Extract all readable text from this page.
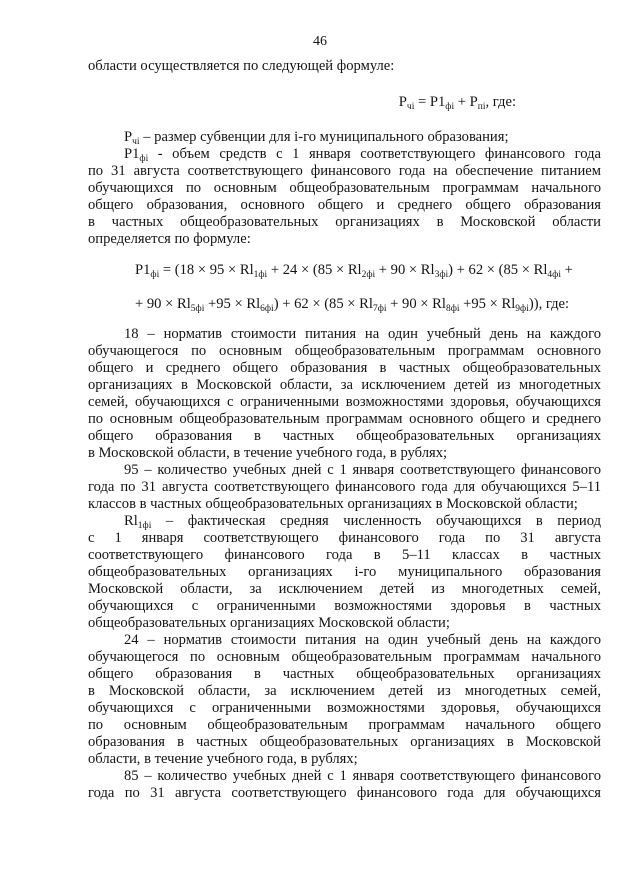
46
области осуществляется по следующей формуле:
$P_{чi} = P1_{фi} + P_{пi}$, где:
$P_{чi}$ – размер субвенции для i-го муниципального образования;
$P1_{фi}$ - объем средств с 1 января соответствующего финансового года
по 31 августа соответствующего финансового года на обеспечение питанием
обучающихся по основным общеобразовательным программам начального
общего образования, основного общего и среднего общего образования
в частных общеобразовательных организациях в Московской области
определяется по формуле:
$P1_{фi} = (18 \times 95 \times Rl_{1фi} + 24 \times (85 \times Rl_{2фi} + 90 \times Rl_{3фi}) + 62 \times (85 \times Rl_{4фi}$ +
+ $90 \times Rl_{5фi} +95 \times Rl_{6фi}) + 62 \times (85 \times Rl_{7фi} + 90 \times Rl_{8фi} +95 \times Rl_{9фi})$), где:
18 – норматив стоимости питания на один учебный день на каждого
обучающегося по основным общеобразовательным программам основного
общего и среднего общего образования в частных общеобразовательных
организациях в Московской области, за исключением детей из многодетных
семей, обучающихся с ограниченными возможностями здоровья, обучающихся
по основным общеобразовательным программам основного общего и среднего
общего образования в частных общеобразовательных организациях
в Московской области, в течение учебного года, в рублях;
95 – количество учебных дней с 1 января соответствующего финансового
года по 31 августа соответствующего финансового года для обучающихся 5–11
классов в частных общеобразовательных организациях в Московской области;
$Rl_{1фi}$ – фактическая средняя численность обучающихся в период
с 1 января соответствующего финансового года по 31 августа
соответствующего финансового года в 5–11 классах в частных
общеобразовательных организациях i-го муниципального образования
Московской области, за исключением детей из многодетных семей,
обучающихся с ограниченными возможностями здоровья в частных
общеобразовательных организациях Московской области;
24 – норматив стоимости питания на один учебный день на каждого
обучающегося по основным общеобразовательным программам начального
общего образования в частных общеобразовательных организациях
в Московской области, за исключением детей из многодетных семей,
обучающихся с ограниченными возможностями здоровья, обучающихся
по основным общеобразовательным программам начального общего
образования в частных общеобразовательных организациях в Московской
области, в течение учебного года, в рублях;
85 – количество учебных дней с 1 января соответствующего финансового
года по 31 августа соответствующего финансового года для обучающихся
